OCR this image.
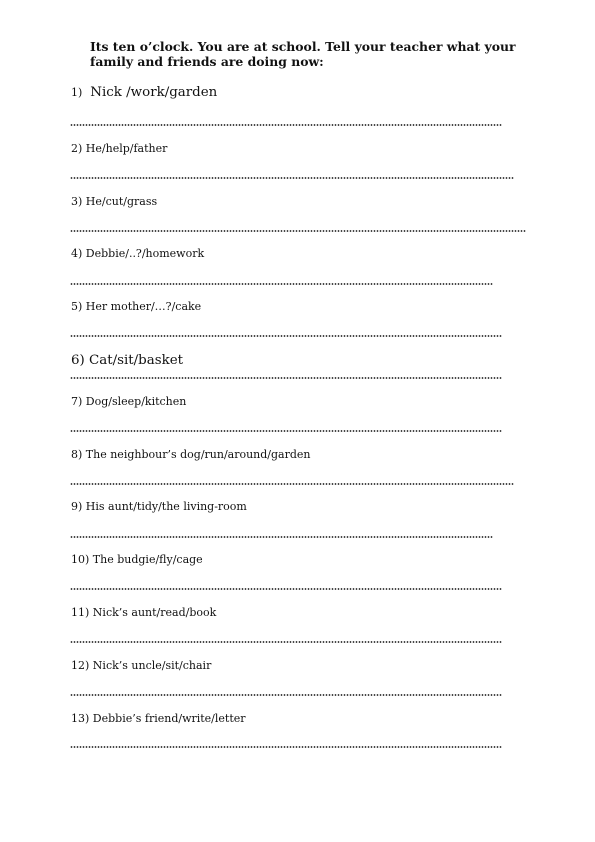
Its ten o’clock. You are at school. Tell your teacher what your family and friends are doing now:
1) Nick /work/garden
2) He/help/father
3) He/cut/grass
4) Debbie/..?/homework
5) Her mother/…?/cake
6) Cat/sit/basket
7) Dog/sleep/kitchen
8) The neighbour’s dog/run/around/garden
9) His aunt/tidy/the living-room
10) The budgie/fly/cage
11) Nick’s aunt/read/book
12) Nick’s uncle/sit/chair
13) Debbie’s friend/write/letter
